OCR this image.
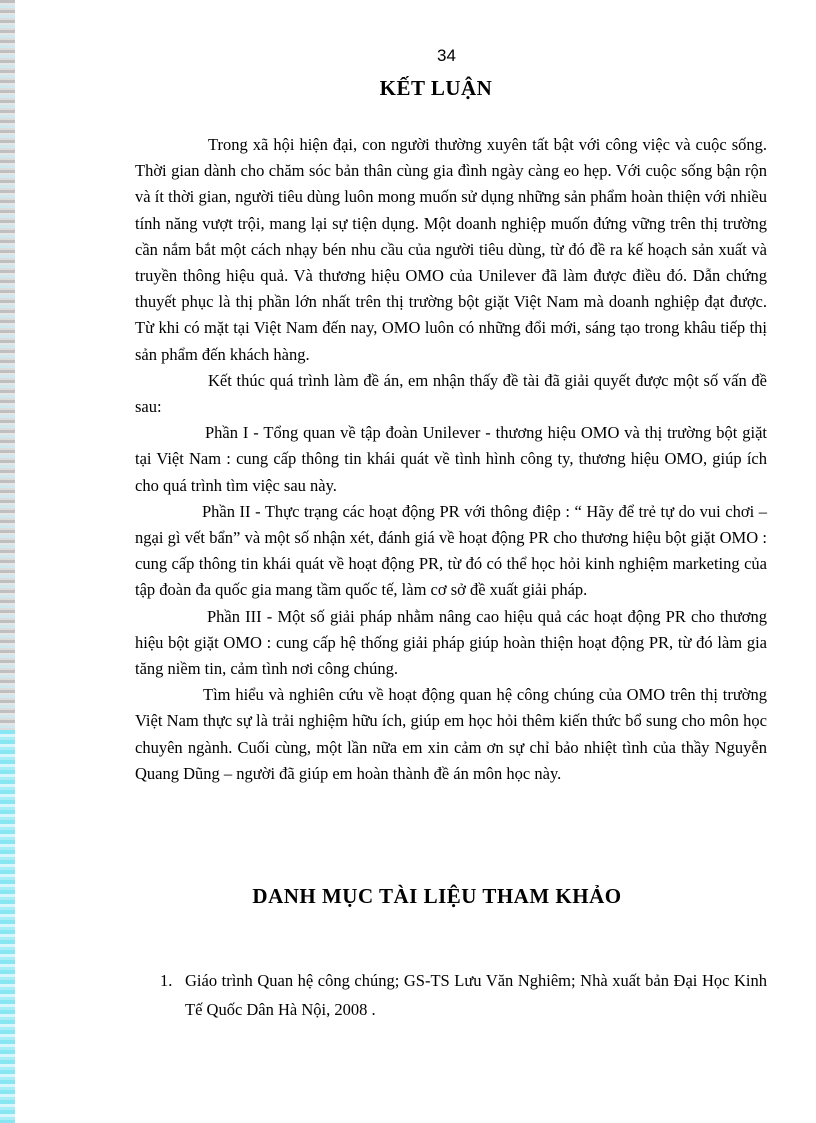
34
KẾT LUẬN

Trong xã hội hiện đại, con người thường xuyên tất bật với công việc và cuộc sống. Thời gian dành cho chăm sóc bản thân cùng gia đình ngày càng eo hẹp. Với cuộc sống bận rộn và ít thời gian, người tiêu dùng luôn mong muốn sử dụng những sản phẩm hoàn thiện với nhiều tính năng vượt trội, mang lại sự tiện dụng. Một doanh nghiệp muốn đứng vững trên thị trường cần nắm bắt một cách nhạy bén nhu cầu của người tiêu dùng, từ đó đề ra kế hoạch sản xuất và truyền thông hiệu quả. Và thương hiệu OMO của Unilever đã làm được điều đó. Dẫn chứng thuyết phục là thị phần lớn nhất trên thị trường bột giặt Việt Nam mà doanh nghiệp đạt được. Từ khi có mặt tại Việt Nam đến nay, OMO luôn có những đổi mới, sáng tạo trong khâu tiếp thị sản phẩm đến khách hàng.

Kết thúc quá trình làm đề án, em nhận thấy đề tài đã giải quyết được một số vấn đề sau:

Phần I - Tổng quan về tập đoàn Unilever - thương hiệu OMO và thị trường bột giặt tại Việt Nam : cung cấp thông tin khái quát về tình hình công ty, thương hiệu OMO, giúp ích cho quá trình tìm việc sau này.

Phần II - Thực trạng các hoạt động PR với thông điệp : “ Hãy để trẻ tự do vui chơi – ngại gì vết bẩn” và một số nhận xét, đánh giá về hoạt động PR cho thương hiệu bột giặt OMO : cung cấp thông tin khái quát về hoạt động PR, từ đó có thể học hỏi kinh nghiệm marketing của tập đoàn đa quốc gia mang tầm quốc tế, làm cơ sở đề xuất giải pháp.

Phần III - Một số giải pháp nhằm nâng cao hiệu quả các hoạt động PR cho thương hiệu bột giặt OMO : cung cấp hệ thống giải pháp giúp hoàn thiện hoạt động PR, từ đó làm gia tăng niềm tin, cảm tình nơi công chúng.

Tìm hiểu và nghiên cứu về hoạt động quan hệ công chúng của OMO trên thị trường Việt Nam thực sự là trải nghiệm hữu ích, giúp em học hỏi thêm kiến thức bổ sung cho môn học chuyên ngành. Cuối cùng, một lần nữa em xin cảm ơn sự chỉ bảo nhiệt tình của thầy Nguyễn Quang Dũng – người đã giúp em hoàn thành đề án môn học này.

DANH MỤC TÀI LIỆU THAM KHẢO
1. Giáo trình Quan hệ công chúng; GS-TS Lưu Văn Nghiêm; Nhà xuất bản Đại Học Kinh Tế Quốc Dân Hà Nội, 2008 .
